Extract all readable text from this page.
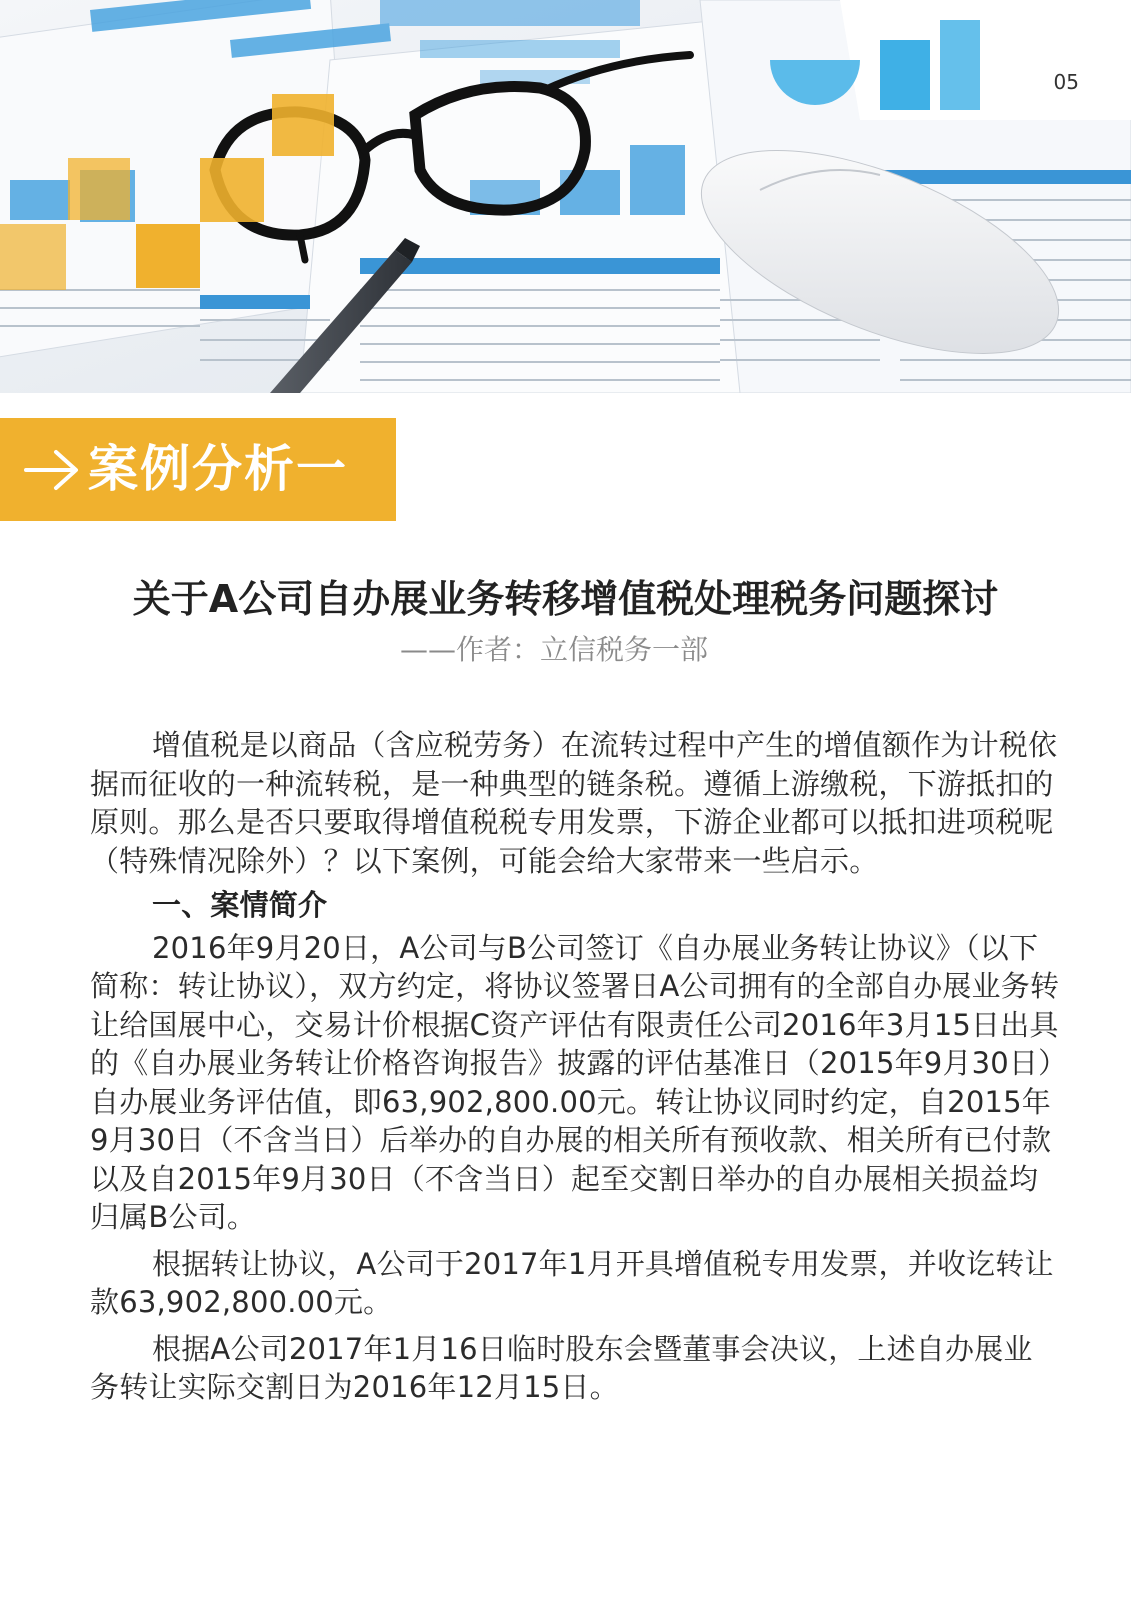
05
案例分析一
关于A公司自办展业务转移增值税处理税务问题探讨
——作者：立信税务一部

增值税是以商品（含应税劳务）在流转过程中产生的增值额作为计税依据而征收的一种流转税，是一种典型的链条税。遵循上游缴税，下游抵扣的原则。那么是否只要取得增值税税专用发票，下游企业都可以抵扣进项税呢（特殊情况除外）？以下案例，可能会给大家带来一些启示。

一、案情简介

2016年9月20日，A公司与B公司签订《自办展业务转让协议》（以下简称：转让协议），双方约定，将协议签署日A公司拥有的全部自办展业务转让给国展中心，交易计价根据C资产评估有限责任公司2016年3月15日出具的《自办展业务转让价格咨询报告》披露的评估基准日（2015年9月30日）自办展业务评估值，即63,902,800.00元。转让协议同时约定，自2015年9月30日（不含当日）后举办的自办展的相关所有预收款、相关所有已付款以及自2015年9月30日（不含当日）起至交割日举办的自办展相关损益均归属B公司。

根据转让协议，A公司于2017年1月开具增值税专用发票，并收讫转让款63,902,800.00元。

根据A公司2017年1月16日临时股东会暨董事会决议，上述自办展业务转让实际交割日为2016年12月15日。
